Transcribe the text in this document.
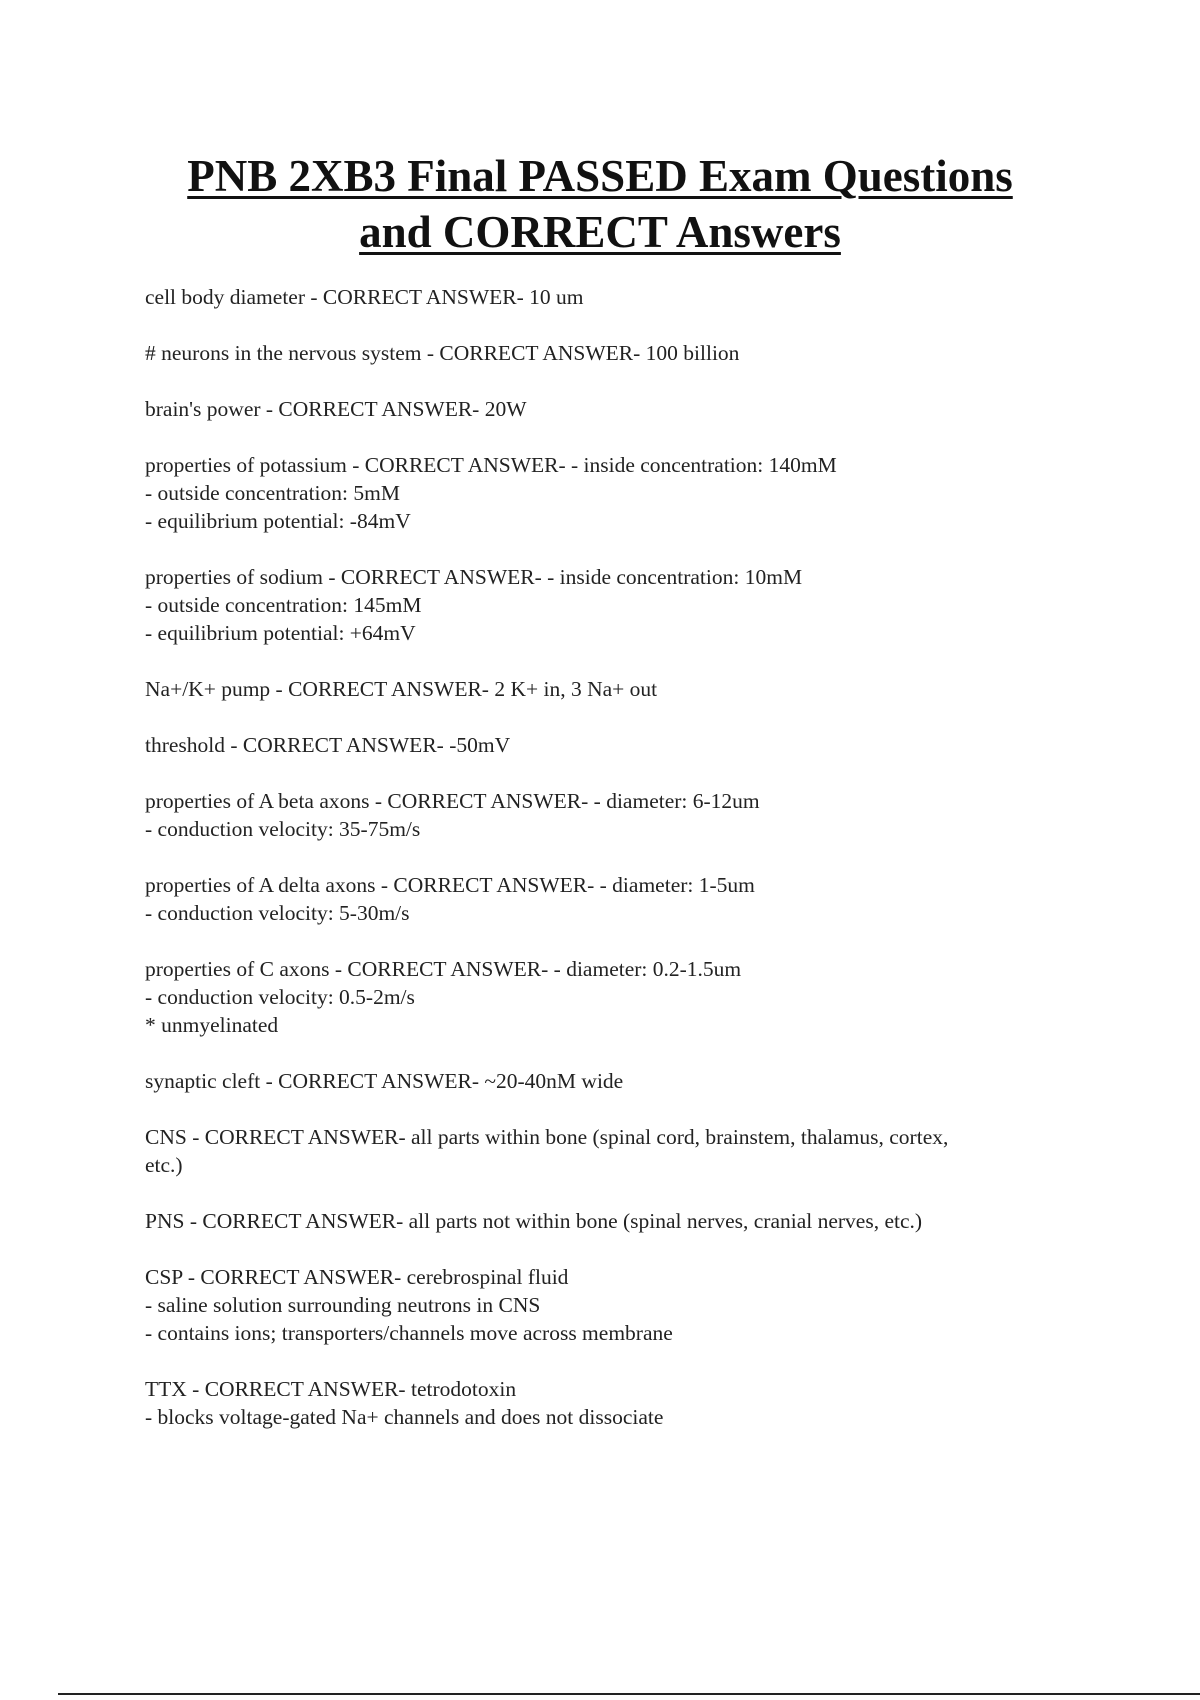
PNB 2XB3 Final PASSED Exam Questions
and CORRECT Answers
cell body diameter - CORRECT ANSWER- 10 um
# neurons in the nervous system - CORRECT ANSWER- 100 billion
brain's power - CORRECT ANSWER- 20W
properties of potassium - CORRECT ANSWER- - inside concentration: 140mM
- outside concentration: 5mM
- equilibrium potential: -84mV
properties of sodium - CORRECT ANSWER- - inside concentration: 10mM
- outside concentration: 145mM
- equilibrium potential: +64mV
Na+/K+ pump - CORRECT ANSWER- 2 K+ in, 3 Na+ out
threshold - CORRECT ANSWER- -50mV
properties of A beta axons - CORRECT ANSWER- - diameter: 6-12um
- conduction velocity: 35-75m/s
properties of A delta axons - CORRECT ANSWER- - diameter: 1-5um
- conduction velocity: 5-30m/s
properties of C axons - CORRECT ANSWER- - diameter: 0.2-1.5um
- conduction velocity: 0.5-2m/s
* unmyelinated
synaptic cleft - CORRECT ANSWER- ~20-40nM wide
CNS - CORRECT ANSWER- all parts within bone (spinal cord, brainstem, thalamus, cortex,
etc.)
PNS - CORRECT ANSWER- all parts not within bone (spinal nerves, cranial nerves, etc.)
CSP - CORRECT ANSWER- cerebrospinal fluid
- saline solution surrounding neutrons in CNS
- contains ions; transporters/channels move across membrane
TTX - CORRECT ANSWER- tetrodotoxin
- blocks voltage-gated Na+ channels and does not dissociate
